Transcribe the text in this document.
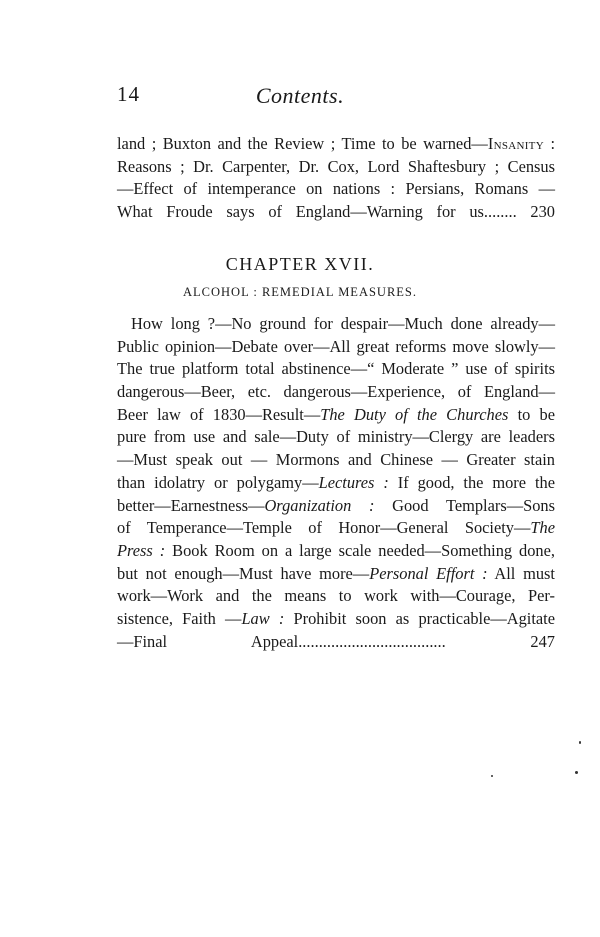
14	Contents.
land ; Buxton and the Review ; Time to be warned—Insanity :
Reasons ; Dr. Carpenter, Dr. Cox, Lord Shaftesbury ; Census
—Effect of intemperance on nations : Persians, Romans —
What Froude says of England—Warning for us........ 230
CHAPTER XVII.
ALCOHOL : REMEDIAL MEASURES.
How long ?—No ground for despair—Much done already—
Public opinion—Debate over—All great reforms move slowly—
The true platform total abstinence—“ Moderate ” use of spirits
dangerous—Beer, etc. dangerous—Experience, of England—
Beer law of 1830—Result—The Duty of the Churches to be
pure from use and sale—Duty of ministry—Clergy are leaders
—Must speak out — Mormons and Chinese — Greater stain
than idolatry or polygamy—Lectures : If good, the more the
better—Earnestness—Organization : Good Templars—Sons
of Temperance—Temple of Honor—General Society—The
Press : Book Room on a large scale needed—Something done,
but not enough—Must have more—Personal Effort : All must
work—Work and the means to work with—Courage, Per-
sistence, Faith —Law : Prohibit soon as practicable—Agitate
—Final Appeal.................................... 247
